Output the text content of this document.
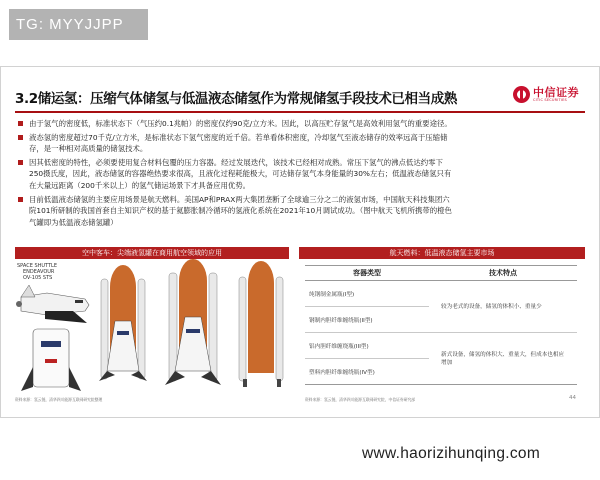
TG: MYYJJPP
3.2储运氢：压缩气体储氢与低温液态储氢作为常规储氢手段技术已相当成熟	中信证券
CITIC SECURITIES
由于氢气的密度低，标准状态下（气压约0.1兆帕）的密度仅约90克/立方米。因此，以高压贮存氢气是高效利用氢气的重要途径。
液态氢的密度超过70千克/立方米，是标准状态下氢气密度的近千倍。若单看体积密度，冷却氢气至液态储存的效率远高于压缩储
存，是一种相对高质量的储氢技术。
因其低密度的特性，必须要使用复合材料包覆的压力容器。经过发展迭代，该技术已经相对成熟。常压下氢气的沸点低达约零下
250摄氏度，因此，液态储氢的容器绝热要求很高，且液化过程耗能极大，可达储存氢气本身能量的30%左右；低温液态储氢只有
在大量远距离（200千米以上）的氢气储运场景下才具备应用优势。
目前低温液态储氢的主要应用场景是航天燃料。美国AP和PRAX两大集团垄断了全球逾三分之二的液氢市场，中国航天科技集团六
院101所研制的我国首套自主知识产权的基于氦膨胀制冷循环的氢液化系统在2021年10月调试成功。（图中航天飞机所携带的橙色
气罐即为低温液态储氢罐）
空中客车：尖端液氢罐在商用航空领域的应用
SPACE SHUTTLE
ENDEAVOUR
OV-105 STS
航天燃料：低温液态储氢主要市场
容器类型	技术特点
纯钢制金属瓶(I型)	较为老式的设备，储氢的体积小、重量少

钢制内胆纤维缠绕瓶(II型)	
铝内胆纤维缠绕瓶(III型)	新式设备，储氢的体积大、重量大，但成本也相应增加

塑料内胆纤维缠绕瓶(IV型)	
资料来源：氢云链，清华四川能源互联网研究院整理	资料来源：氢云链，清华四川能源互联网研究院，中信证券研究部	44
www.haorizihunqing.com
